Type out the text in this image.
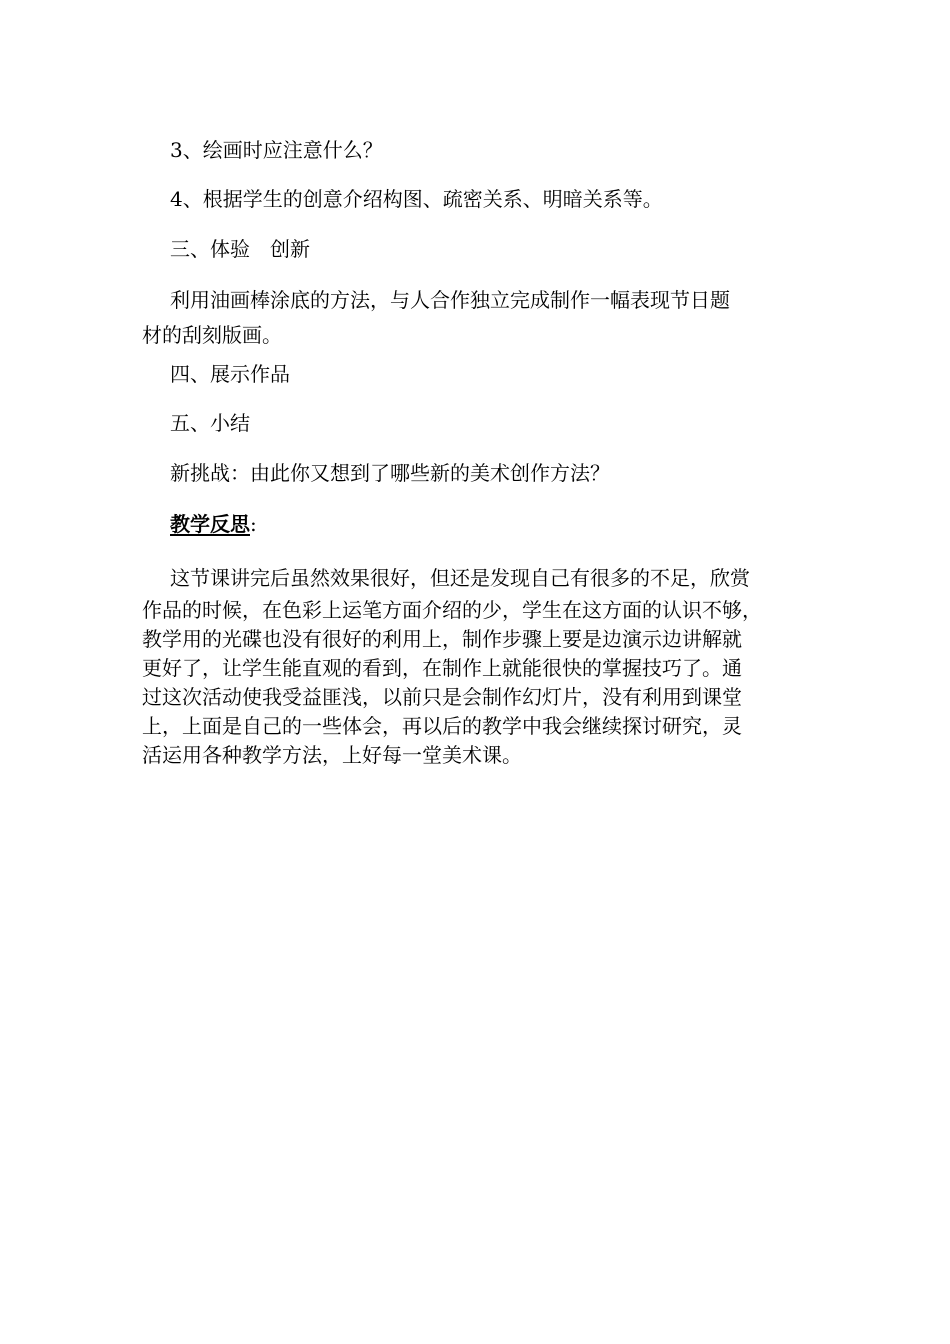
3、绘画时应注意什么？
4、根据学生的创意介绍构图、疏密关系、明暗关系等。
三、体验　创新
利用油画棒涂底的方法，与人合作独立完成制作一幅表现节日题
材的刮刻版画。
四、展示作品
五、小结
新挑战：由此你又想到了哪些新的美术创作方法？
教学反思:
这节课讲完后虽然效果很好，但还是发现自己有很多的不足，欣赏
作品的时候，在色彩上运笔方面介绍的少，学生在这方面的认识不够，
教学用的光碟也没有很好的利用上，制作步骤上要是边演示边讲解就
更好了，让学生能直观的看到，在制作上就能很快的掌握技巧了。通
过这次活动使我受益匪浅，以前只是会制作幻灯片，没有利用到课堂
上，上面是自己的一些体会，再以后的教学中我会继续探讨研究，灵
活运用各种教学方法，上好每一堂美术课。
